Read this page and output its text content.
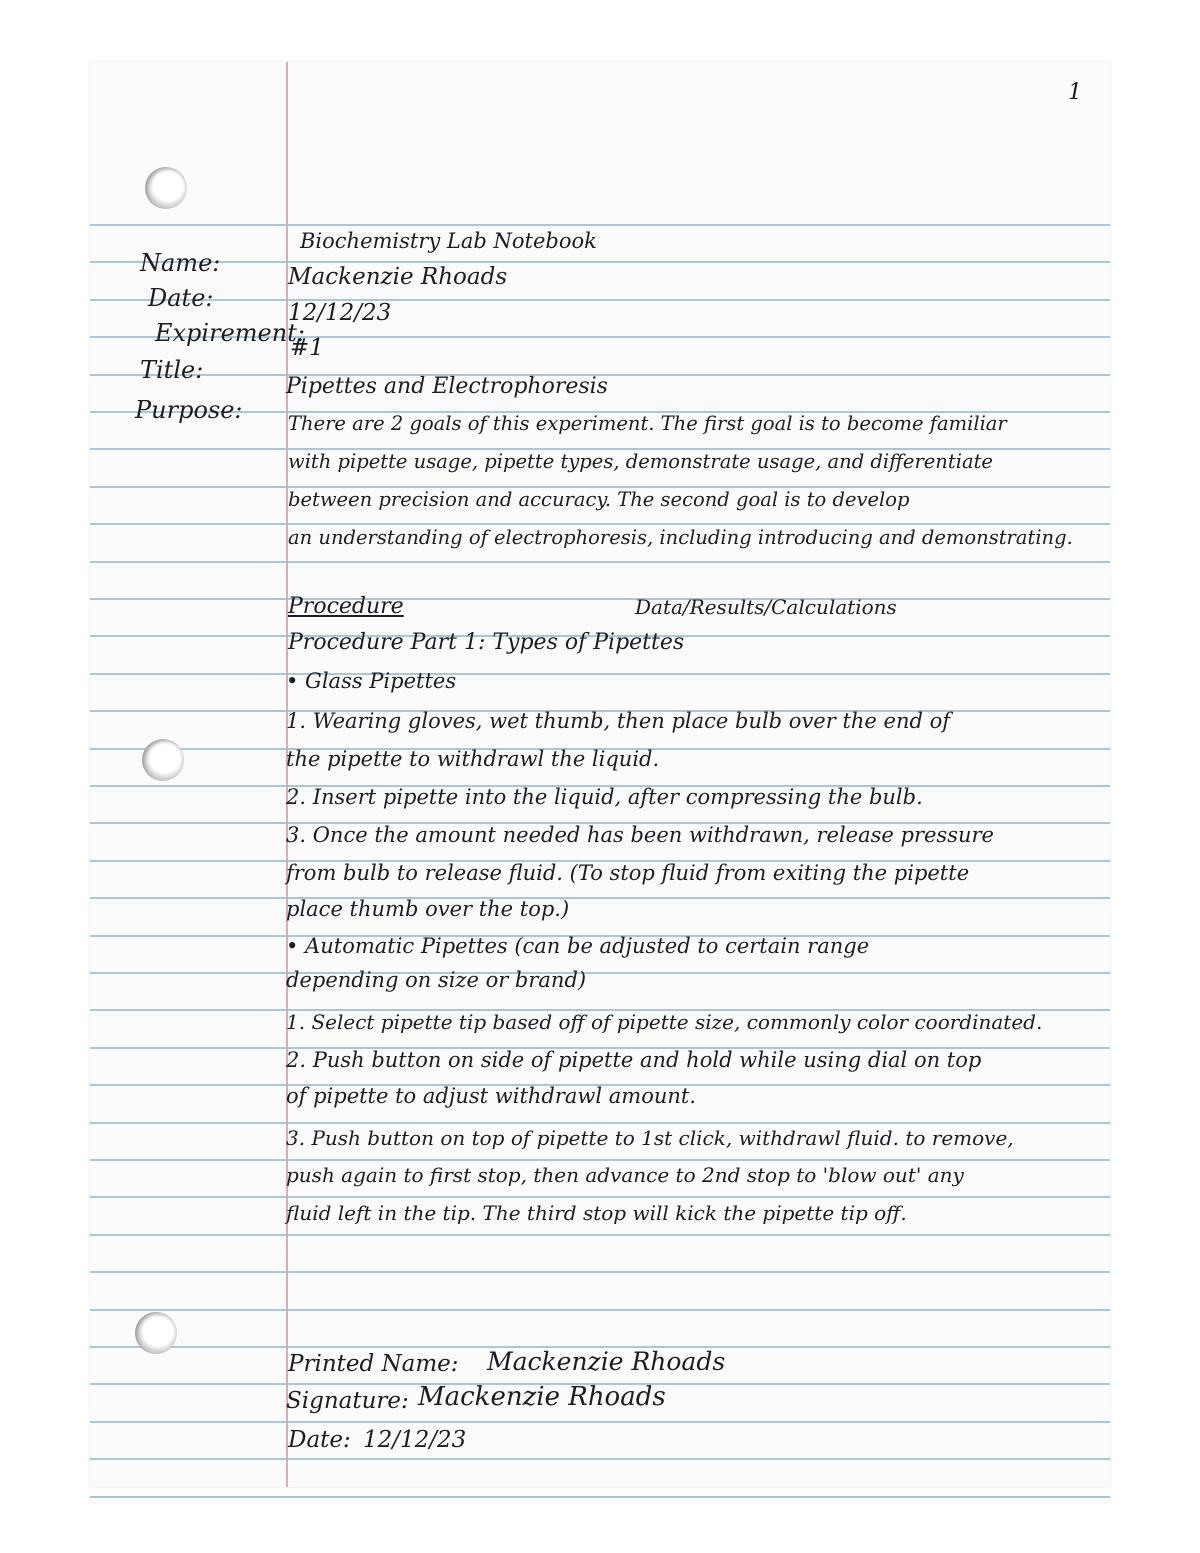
1
Biochemistry Lab Notebook
Name:
Date:
Expirement:
Title:
Purpose:
Mackenzie Rhoads
12/12/23
#1
Pipettes and Electrophoresis
There are 2 goals of this experiment. The first goal is to become familiar
with pipette usage, pipette types, demonstrate usage, and differentiate
between precision and accuracy. The second goal is to develop
an understanding of electrophoresis, including introducing and demonstrating.
Procedure	Data/Results/Calculations
Procedure Part 1: Types of Pipettes
• Glass Pipettes
1. Wearing gloves, wet thumb, then place bulb over the end of
the pipette to withdrawl the liquid.
2. Insert pipette into the liquid, after compressing the bulb.
3. Once the amount needed has been withdrawn, release pressure
from bulb to release fluid. (To stop fluid from exiting the pipette
place thumb over the top.)
• Automatic Pipettes (can be adjusted to certain range
depending on size or brand)
1. Select pipette tip based off of pipette size, commonly color coordinated.
2. Push button on side of pipette and hold while using dial on top
of pipette to adjust withdrawl amount.
3. Push button on top of pipette to 1st click, withdrawl fluid. to remove,
push again to first stop, then advance to 2nd stop to 'blow out' any
fluid left in the tip. The third stop will kick the pipette tip off.
Printed Name: Mackenzie Rhoads
Signature: Mackenzie Rhoads
Date: 12/12/23
